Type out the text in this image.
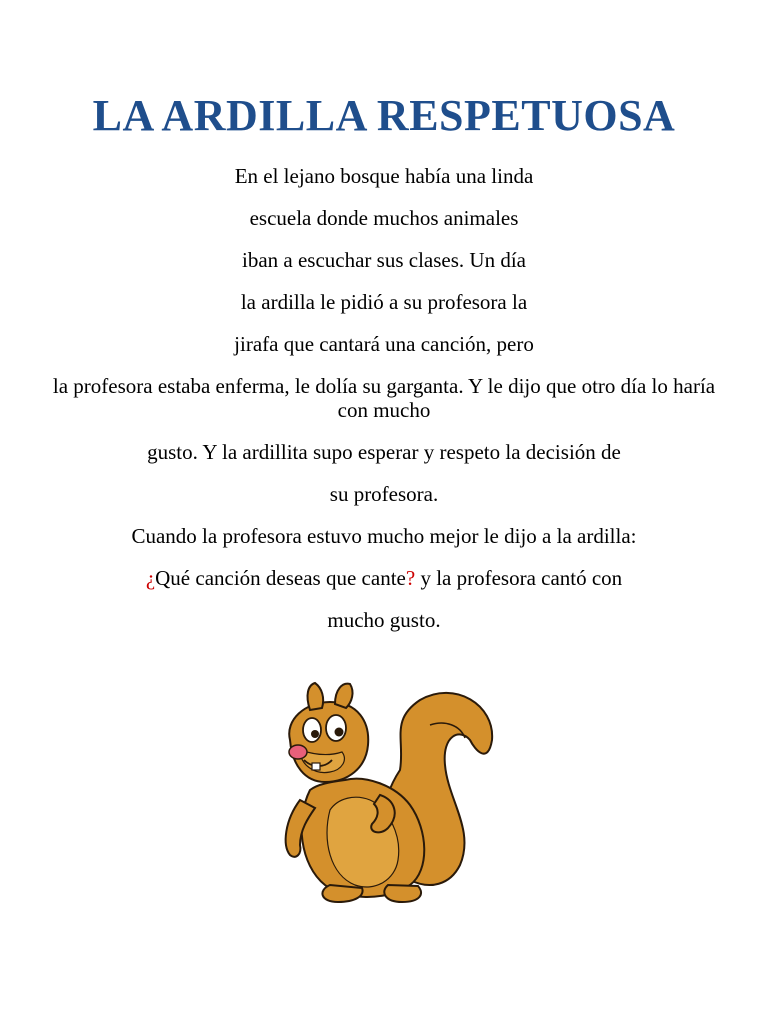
LA ARDILLA RESPETUOSA

En el lejano bosque había una linda

escuela donde muchos animales

iban a escuchar sus clases. Un día

la ardilla le pidió a su profesora la

jirafa que cantará una canción, pero

la profesora estaba enferma, le dolía su garganta. Y le dijo que otro día lo haría con mucho

gusto. Y la ardillita supo esperar y respeto la decisión de

su profesora.

Cuando la profesora estuvo mucho mejor le dijo a la ardilla:

¿Qué canción deseas que cante? y la profesora cantó con

mucho gusto.
